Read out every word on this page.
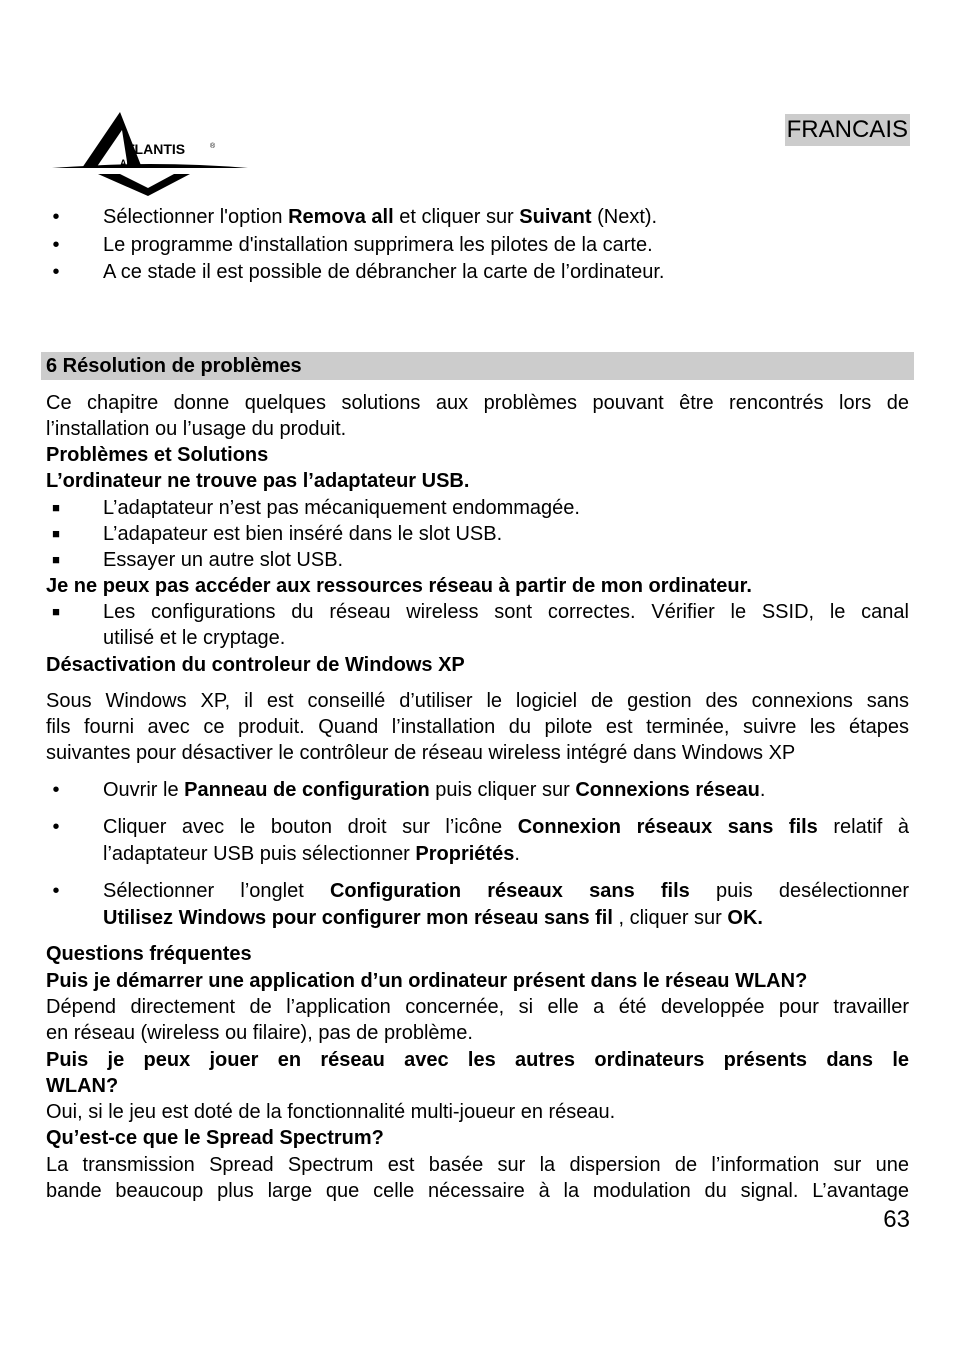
TLANTIS
AND
®
FRANCAIS
•	Sélectionner l'option Remova all et cliquer sur Suivant (Next).
•	Le programme d'installation supprimera les pilotes de la carte.
•	A ce stade il est possible de débrancher la carte de l’ordinateur.
6 Résolution de problèmes
Ce chapitre donne quelques solutions aux problèmes pouvant être rencontrés lors de
l’installation ou l’usage du produit.
Problèmes et Solutions
L’ordinateur ne trouve pas l’adaptateur USB.
■	L’adaptateur n’est pas mécaniquement endommagée.
■	L’adapateur est bien inséré dans le slot USB.
■	Essayer un autre slot USB.
Je ne peux pas accéder aux ressources réseau à partir de mon ordinateur.
■	Les configurations du réseau wireless sont correctes. Vérifier le SSID, le canal
utilisé et le cryptage.
Désactivation du controleur de Windows XP
Sous Windows XP, il est conseillé d’utiliser le logiciel de gestion des connexions sans
fils fourni avec ce produit. Quand l’installation du pilote est terminée, suivre les étapes
suivantes pour désactiver le contrôleur de réseau wireless intégré dans Windows XP
•	Ouvrir le Panneau de configuration puis cliquer sur Connexions réseau.
•	Cliquer avec le bouton droit sur l’icône Connexion réseaux sans fils relatif à
l’adaptateur USB puis sélectionner Propriétés.
•	Sélectionner l’onglet Configuration réseaux sans fils puis desélectionner
Utilisez Windows pour configurer mon réseau sans fil , cliquer sur OK.
Questions fréquentes
Puis je démarrer une application d’un ordinateur présent dans le réseau WLAN?
Dépend directement de l’application concernée, si elle a été developpée pour travailler
en réseau (wireless ou filaire), pas de problème.
Puis je peux jouer en réseau avec les autres ordinateurs présents dans le
WLAN?
Oui, si le jeu est doté de la fonctionnalité multi-joueur en réseau.
Qu’est-ce que le Spread Spectrum?
La transmission Spread Spectrum est basée sur la dispersion de l’information sur une
bande beaucoup plus large que celle nécessaire à la modulation du signal. L’avantage
63
